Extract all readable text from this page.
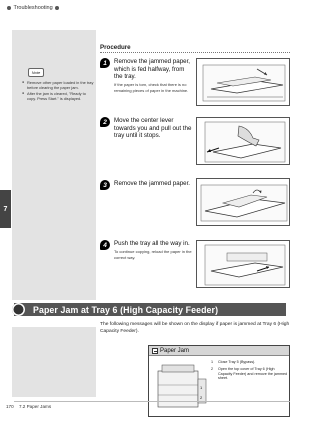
Troubleshooting
7
Note
● Remove other paper loaded in the tray before clearing the paper jam.
● After the jam is cleared, "Ready to copy. Press Start." is displayed.
Procedure
1	Remove the jammed paper, which is fed halfway, from the tray.
If the paper is torn, check that there is no remaining pieces of paper in the machine.
2	Move the center lever towards you and pull out the tray until it stops.
3	Remove the jammed paper.
4	Push the tray all the way in.
To continue copying, reload the paper in the correct way.
Paper Jam at Tray 6 (High Capacity Feeder)
The following messages will be shown on the display if paper is jammed at Tray 6 (High Capacity Feeder).
Paper Jam
1
2
1	Close Tray 5 (Bypass).
2	Open the top cover of Tray 6 (High Capacity Feeder) and remove the jammed sheet.
170 7.2 Paper Jams
